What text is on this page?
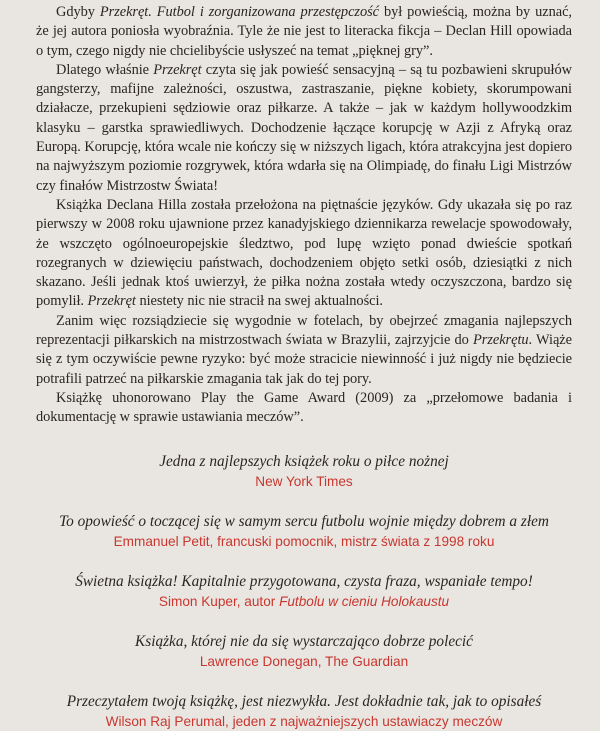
Gdyby Przekręt. Futbol i zorganizowana przestępczość był powieścią, można by uznać, że jej autora poniosła wyobraźnia. Tyle że nie jest to literacka fikcja – Declan Hill opowiada o tym, czego nigdy nie chcielibyście usłyszeć na temat „pięknej gry”.

Dlatego właśnie Przekręt czyta się jak powieść sensacyjną – są tu pozbawieni skrupułów gangsterzy, mafijne zależności, oszustwa, zastraszanie, piękne kobiety, skorumpowani działacze, przekupieni sędziowie oraz piłkarze. A także – jak w każdym hollywoodzkim klasyku – garstka sprawiedliwych. Dochodzenie łączące korupcję w Azji z Afryką oraz Europą. Korupcję, która wcale nie kończy się w niższych ligach, która atrakcyjna jest dopiero na najwyższym poziomie rozgrywek, która wdarła się na Olimpiadę, do finału Ligi Mistrzów czy finałów Mistrzostw Świata!

Książka Declana Hilla została przełożona na piętnaście języków. Gdy ukazała się po raz pierwszy w 2008 roku ujawnione przez kanadyjskiego dziennikarza rewelacje spowodowały, że wszczęto ogólnoeuropejskie śledztwo, pod lupę wzięto ponad dwieście spotkań rozegranych w dziewięciu państwach, dochodzeniem objęto setki osób, dziesiątki z nich skazano. Jeśli jednak ktoś uwierzył, że piłka nożna została wtedy oczyszczona, bardzo się pomylił. Przekręt niestety nic nie stracił na swej aktualności.

Zanim więc rozsiądziecie się wygodnie w fotelach, by obejrzeć zmagania najlepszych reprezentacji piłkarskich na mistrzostwach świata w Brazylii, zajrzyjcie do Przekrętu. Wiąże się z tym oczywiście pewne ryzyko: być może stracicie niewinność i już nigdy nie będziecie potrafili patrzeć na piłkarskie zmagania tak jak do tej pory.

Książkę uhonorowano Play the Game Award (2009) za „przełomowe badania i dokumentację w sprawie ustawiania meczów”.

Jedna z najlepszych książek roku o piłce nożnej
New York Times
To opowieść o toczącej się w samym sercu futbolu wojnie między dobrem a złem
Emmanuel Petit, francuski pomocnik, mistrz świata z 1998 roku
Świetna książka! Kapitalnie przygotowana, czysta fraza, wspaniałe tempo!
Simon Kuper, autor Futbolu w cieniu Holokaustu
Książka, której nie da się wystarczająco dobrze polecić
Lawrence Donegan, The Guardian
Przeczytałem twoją książkę, jest niezwykła. Jest dokładnie tak, jak to opisałeś
Wilson Raj Perumal, jeden z najważniejszych ustawiaczy meczów
